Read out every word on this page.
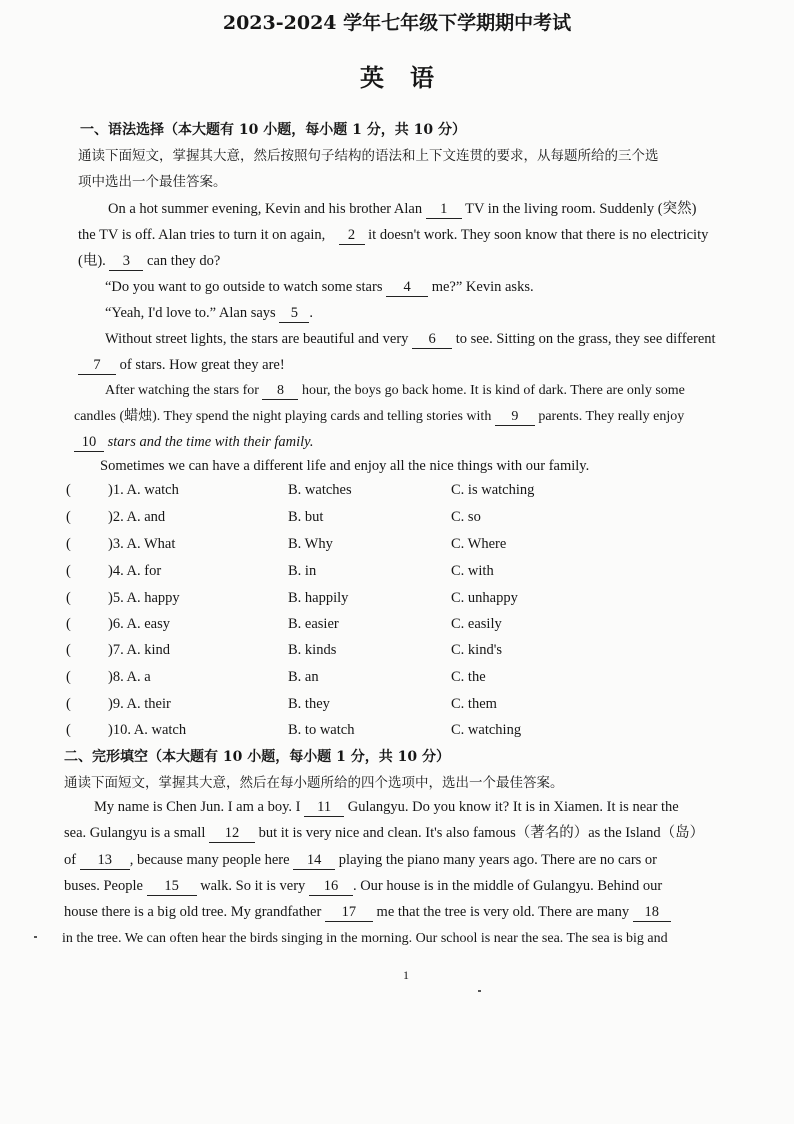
2023-2024 学年七年级下学期期中考试
英语
一、语法选择（本大题有 10 小题，每小题 1 分，共 10 分）
通读下面短文，掌握其大意，然后按照句子结构的语法和上下文连贯的要求，从每题所给的三个选
项中选出一个最佳答案。
On a hot summer evening, Kevin and his brother Alan 1 TV in the living room. Suddenly (突然)
the TV is off. Alan tries to turn it on again, 2 it doesn't work. They soon know that there is no electricity
(电). 3 can they do?
“Do you want to go outside to watch some stars 4 me?” Kevin asks.
“Yeah, I'd love to.” Alan says 5 .
Without street lights, the stars are beautiful and very 6 to see. Sitting on the grass, they see different
7 of stars. How great they are!
After watching the stars for 8 hour, the boys go back home. It is kind of dark. There are only some
candles (蜡烛). They spend the night playing cards and telling stories with 9 parents. They really enjoy
10 stars and the time with their family.
Sometimes we can have a different life and enjoy all the nice things with our family.
(	)1. A. watch	B. watches	C. is watching
(	)2. A. and	B. but	C. so
(	)3. A. What	B. Why	C. Where
(	)4. A. for	B. in	C. with
(	)5. A. happy	B. happily	C. unhappy
(	)6. A. easy	B. easier	C. easily
(	)7. A. kind	B. kinds	C. kind's
(	)8. A. a	B. an	C. the
(	)9. A. their	B. they	C. them
(	)10. A. watch	B. to watch	C. watching
二、完形填空（本大题有 10 小题，每小题 1 分，共 10 分）
通读下面短文，掌握其大意，然后在每小题所给的四个选项中，选出一个最佳答案。
My name is Chen Jun. I am a boy. I 11 Gulangyu. Do you know it? It is in Xiamen. It is near the
sea. Gulangyu is a small 12 but it is very nice and clean. It's also famous（著名的）as the Island（岛）
of 13 , because many people here 14 playing the piano many years ago. There are no cars or
buses. People 15 walk. So it is very 16 . Our house is in the middle of Gulangyu. Behind our
house there is a big old tree. My grandfather 17 me that the tree is very old. There are many 18
in the tree. We can often hear the birds singing in the morning. Our school is near the sea. The sea is big and
1
